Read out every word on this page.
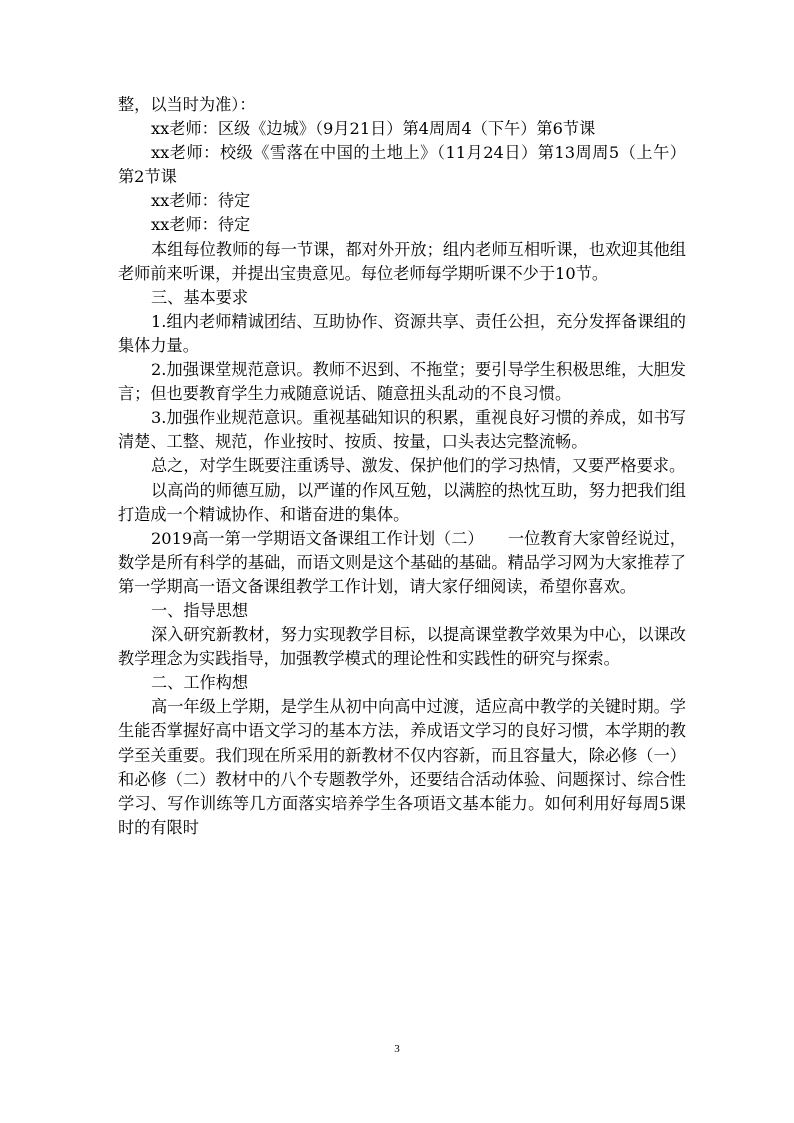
整，以当时为准）：

xx老师：区级《边城》（9月21日）第4周周4（下午）第6节课

xx老师：校级《雪落在中国的土地上》（11月24日）第13周周5（上午）第2节课

xx老师：待定

xx老师：待定

本组每位教师的每一节课，都对外开放；组内老师互相听课，也欢迎其他组老师前来听课，并提出宝贵意见。每位老师每学期听课不少于10节。

三、基本要求

1.组内老师精诚团结、互助协作、资源共享、责任公担，充分发挥备课组的集体力量。

2.加强课堂规范意识。教师不迟到、不拖堂；要引导学生积极思维，大胆发言；但也要教育学生力戒随意说话、随意扭头乱动的不良习惯。

3.加强作业规范意识。重视基础知识的积累，重视良好习惯的养成，如书写清楚、工整、规范，作业按时、按质、按量，口头表达完整流畅。

总之，对学生既要注重诱导、激发、保护他们的学习热情，又要严格要求。

以高尚的师德互励，以严谨的作风互勉，以满腔的热忱互助，努力把我们组打造成一个精诚协作、和谐奋进的集体。

2019高一第一学期语文备课组工作计划（二）　　一位教育大家曾经说过，数学是所有科学的基础，而语文则是这个基础的基础。精品学习网为大家推荐了第一学期高一语文备课组教学工作计划，请大家仔细阅读，希望你喜欢。

一、指导思想

深入研究新教材，努力实现教学目标，以提高课堂教学效果为中心，以课改教学理念为实践指导，加强教学模式的理论性和实践性的研究与探索。

二、工作构想

高一年级上学期，是学生从初中向高中过渡，适应高中教学的关键时期。学生能否掌握好高中语文学习的基本方法，养成语文学习的良好习惯，本学期的教学至关重要。我们现在所采用的新教材不仅内容新，而且容量大，除必修（一）和必修（二）教材中的八个专题教学外，还要结合活动体验、问题探讨、综合性学习、写作训练等几方面落实培养学生各项语文基本能力。如何利用好每周5课时的有限时

3
